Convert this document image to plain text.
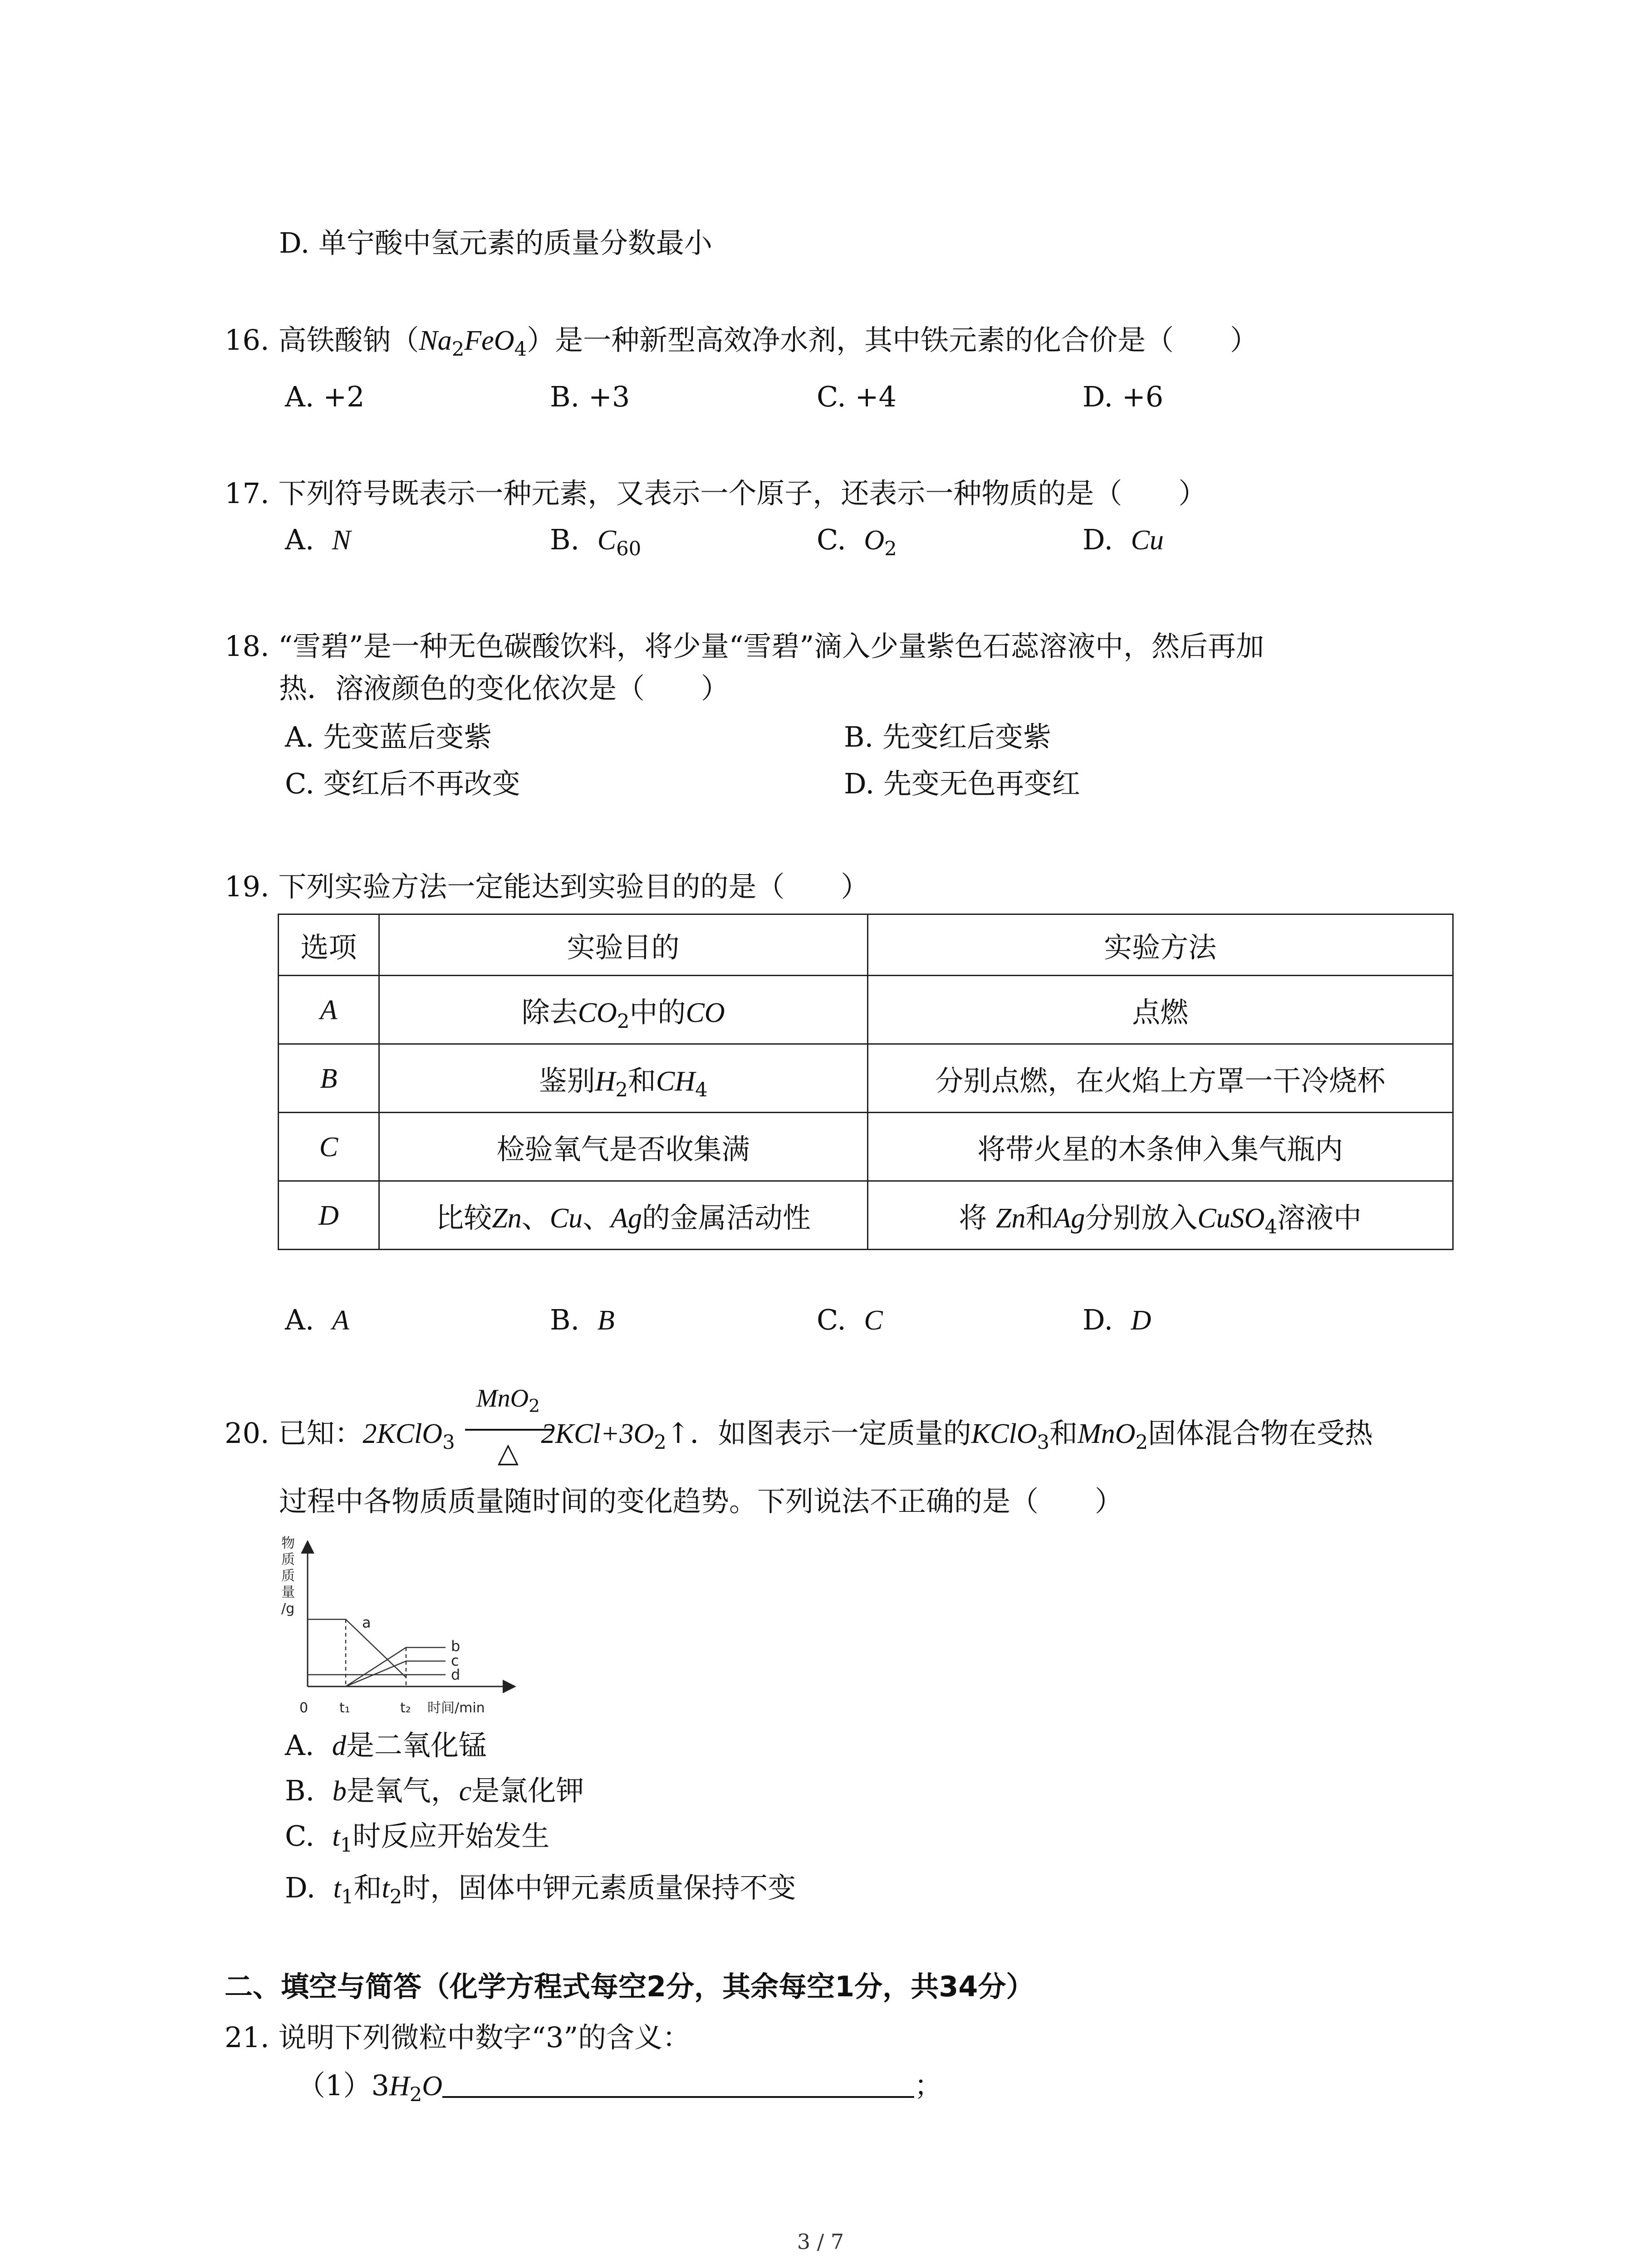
D. 单宁酸中氢元素的质量分数最小
16. 高铁酸钠$(Na_2FeO_4)$是一种新型高效净水剂，其中铁元素的化合价是（　　）
A. +2	B. +3	C. +4	D. +6
17. 下列符号既表示一种元素，又表示一个原子，还表示一种物质的是（　　）
A. N	B. $C_{60}$	C. $O_2$	D. Cu
18. “雪碧”是一种无色碳酸饮料，将少量“雪碧”滴入少量紫色石蕊溶液中，然后再加
热．溶液颜色的变化依次是（　　）
A. 先变蓝后变紫	B. 先变红后变紫
C. 变红后不再改变	D. 先变无色再变红
19. 下列实验方法一定能达到实验目的的是（　　）
选项	实验目的	实验方法
A	除去$CO_2$中的CO	点燃
B	鉴别$H_2$和$CH_4$	分别点燃，在火焰上方罩一干冷烧杯
C	检验氧气是否收集满	将带火星的木条伸入集气瓶内
D	比较Zn、Cu、Ag的金属活动性	将 Zn和Ag分别放入CuSO$_4$溶液中
A. A	B. B	C. C	D. D
20. 已知：2KClO$_3$	$2KCl+3O_2↑$．如图表示一定质量的KClO$_3$和MnO$_2$固体混合物在受热
MnO$_2$
△
过程中各物质质量随时间的变化趋势。下列说法不正确的是（　　）
物
质
质
量
/g
a
b
c
d
0 t₁	t₂ 时间/min
A. d是二氧化锰
B. b是氧气，c是氯化钾
C. $t_1$时反应开始发生
D. $t_1$和$t_2$时，固体中钾元素质量保持不变
二、填空与简答（化学方程式每空2分，其余每空1分，共34分）
21. 说明下列微粒中数字“3”的含义：
$(1)3H_2O$	；
3 / 7
